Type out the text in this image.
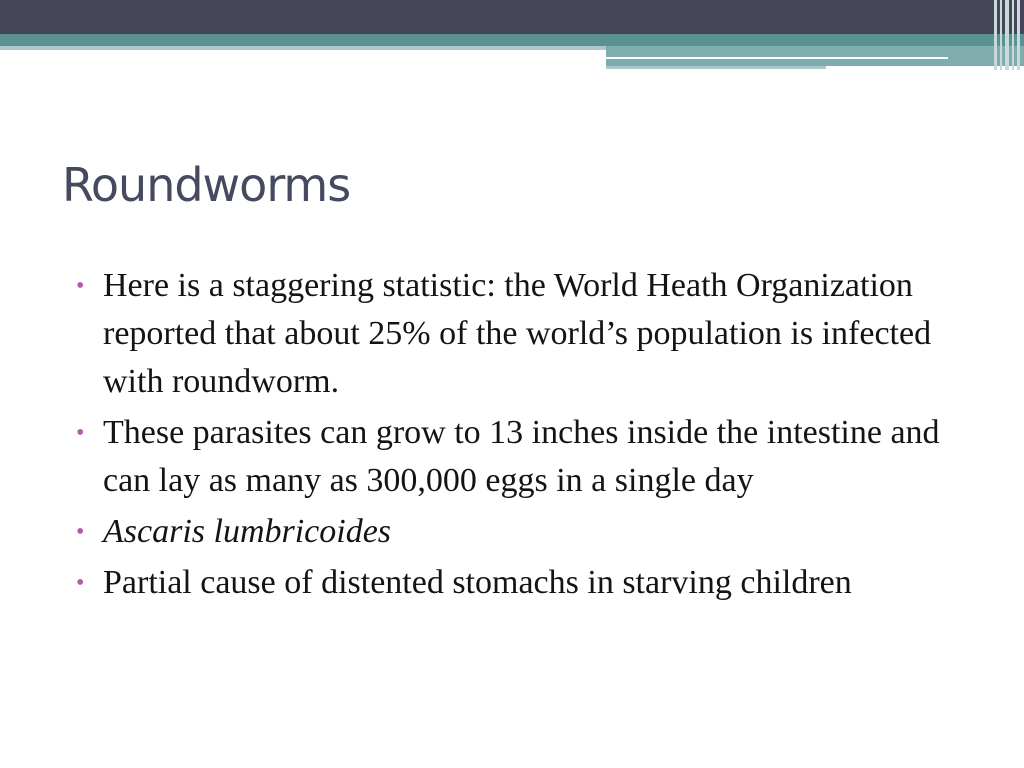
Roundworms
• Here is a staggering statistic: the World Heath Organization reported that about 25% of the world’s population is infected with roundworm.
• These parasites can grow to 13 inches inside the intestine and can lay as many as 300,000 eggs in a single day
• Ascaris lumbricoides
• Partial cause of distented stomachs in starving children
